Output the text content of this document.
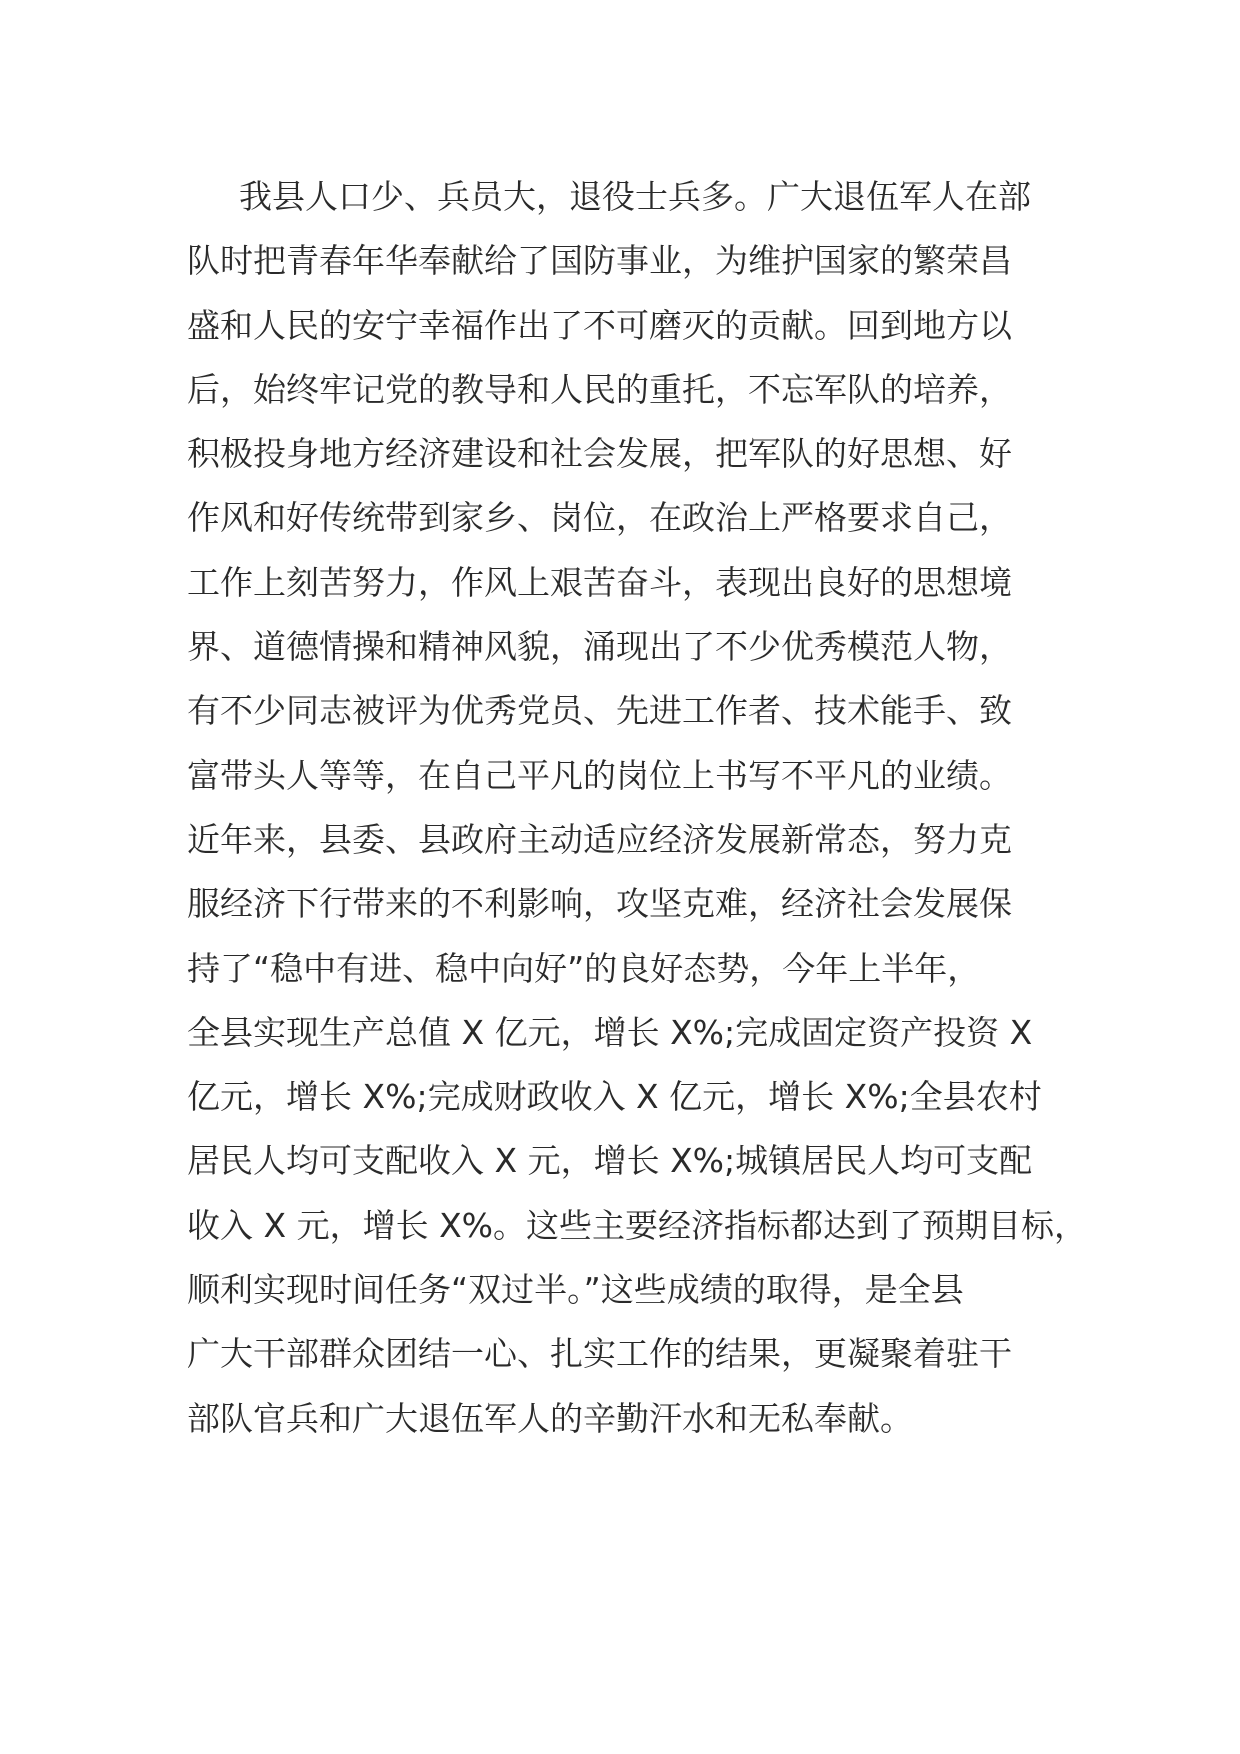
我县人口少、兵员大，退役士兵多。广大退伍军人在部
队时把青春年华奉献给了国防事业，为维护国家的繁荣昌
盛和人民的安宁幸福作出了不可磨灭的贡献。回到地方以
后，始终牢记党的教导和人民的重托，不忘军队的培养，
积极投身地方经济建设和社会发展，把军队的好思想、好
作风和好传统带到家乡、岗位，在政治上严格要求自己，
工作上刻苦努力，作风上艰苦奋斗，表现出良好的思想境
界、道德情操和精神风貌，涌现出了不少优秀模范人物，
有不少同志被评为优秀党员、先进工作者、技术能手、致
富带头人等等，在自己平凡的岗位上书写不平凡的业绩。
近年来，县委、县政府主动适应经济发展新常态，努力克
服经济下行带来的不利影响，攻坚克难，经济社会发展保
持了“稳中有进、稳中向好”的良好态势，今年上半年，
全县实现生产总值 X 亿元，增长 X%;完成固定资产投资 X
亿元，增长 X%;完成财政收入 X 亿元，增长 X%;全县农村
居民人均可支配收入 X 元，增长 X%;城镇居民人均可支配
收入 X 元，增长 X%。这些主要经济指标都达到了预期目标，
顺利实现时间任务“双过半。”这些成绩的取得，是全县
广大干部群众团结一心、扎实工作的结果，更凝聚着驻干
部队官兵和广大退伍军人的辛勤汗水和无私奉献。
